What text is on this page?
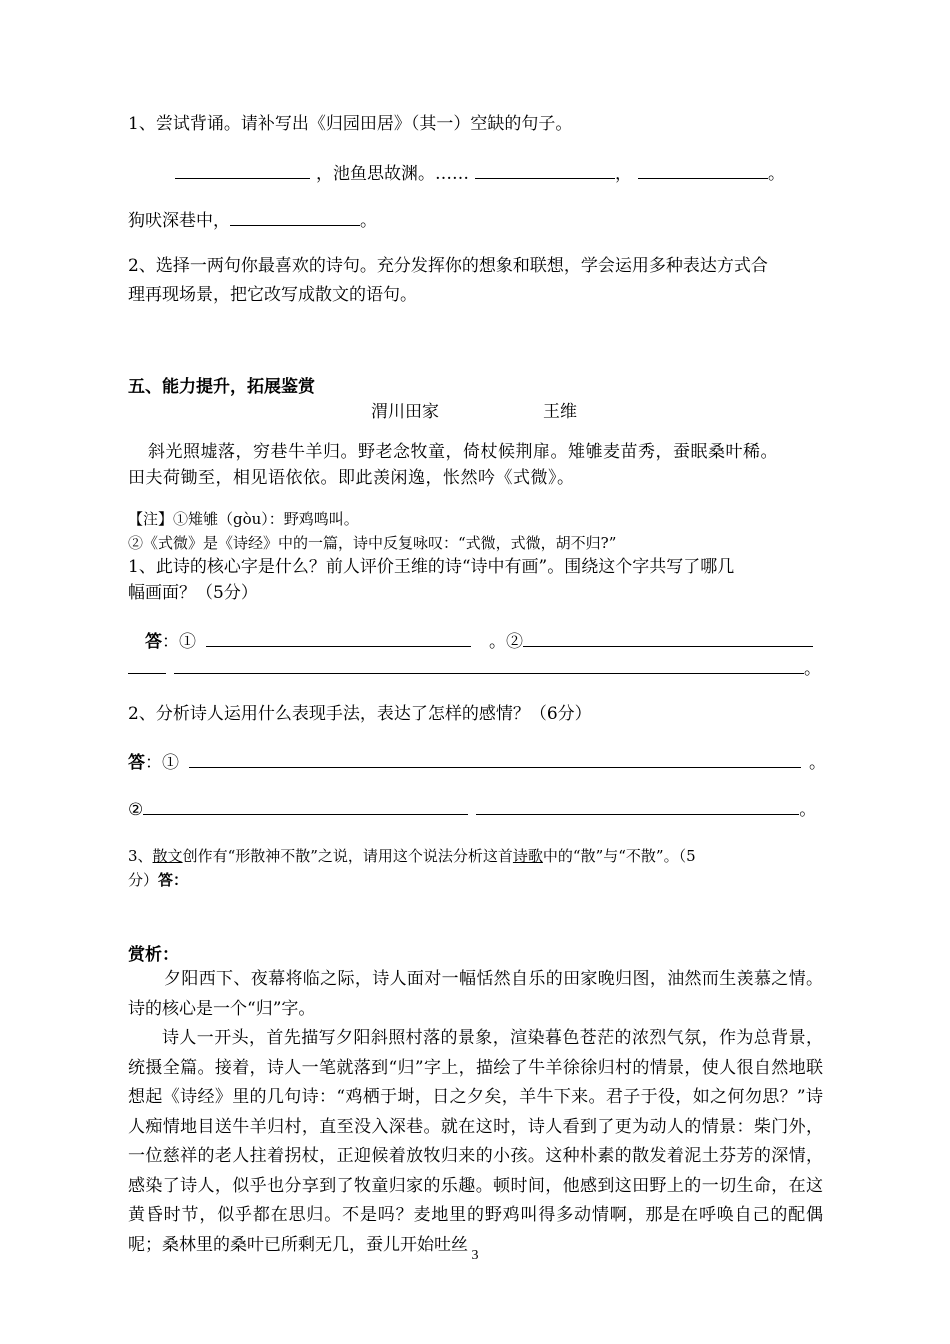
1、尝试背诵。请补写出《归园田居》（其一）空缺的句子。
，池鱼思故渊。……	，	。
狗吠深巷中，	。
2、选择一两句你最喜欢的诗句。充分发挥你的想象和联想，学会运用多种表达方式合
理再现场景，把它改写成散文的语句。
五、能力提升，拓展鉴赏
渭川田家	王维
斜光照墟落，穷巷牛羊归。野老念牧童，倚杖候荆扉。雉雊麦苗秀，蚕眠桑叶稀。
田夫荷锄至，相见语依依。即此羡闲逸，怅然吟《式微》。
【注】①雉雊（gòu）：野鸡鸣叫。
②《式微》是《诗经》中的一篇，诗中反复咏叹：“式微，式微，胡不归?”
1、此诗的核心字是什么？前人评价王维的诗“诗中有画”。围绕这个字共写了哪几
幅画面？（5分）
答：①	。②
。
2、分析诗人运用什么表现手法，表达了怎样的感情？（6分）
答：①	。
②	。
3、散文创作有“形散神不散”之说，请用这个说法分析这首诗歌中的“散”与“不散”。（5
分）答：
赏析：
夕阳西下、夜幕将临之际，诗人面对一幅恬然自乐的田家晚归图，油然而生羡慕之情。诗的核心是一个“归”字。
诗人一开头，首先描写夕阳斜照村落的景象，渲染暮色苍茫的浓烈气氛，作为总背景，统摄全篇。接着，诗人一笔就落到“归”字上，描绘了牛羊徐徐归村的情景，使人很自然地联想起《诗经》里的几句诗：“鸡栖于埘，日之夕矣，羊牛下来。君子于役，如之何勿思？”诗人痴情地目送牛羊归村，直至没入深巷。就在这时，诗人看到了更为动人的情景：柴门外，一位慈祥的老人拄着拐杖，正迎候着放牧归来的小孩。这种朴素的散发着泥土芬芳的深情，感染了诗人，似乎也分享到了牧童归家的乐趣。顿时间，他感到这田野上的一切生命，在这黄昏时节，似乎都在思归。不是吗？麦地里的野鸡叫得多动情啊，那是在呼唤自己的配偶呢；桑林里的桑叶已所剩无几，蚕儿开始吐丝
3
